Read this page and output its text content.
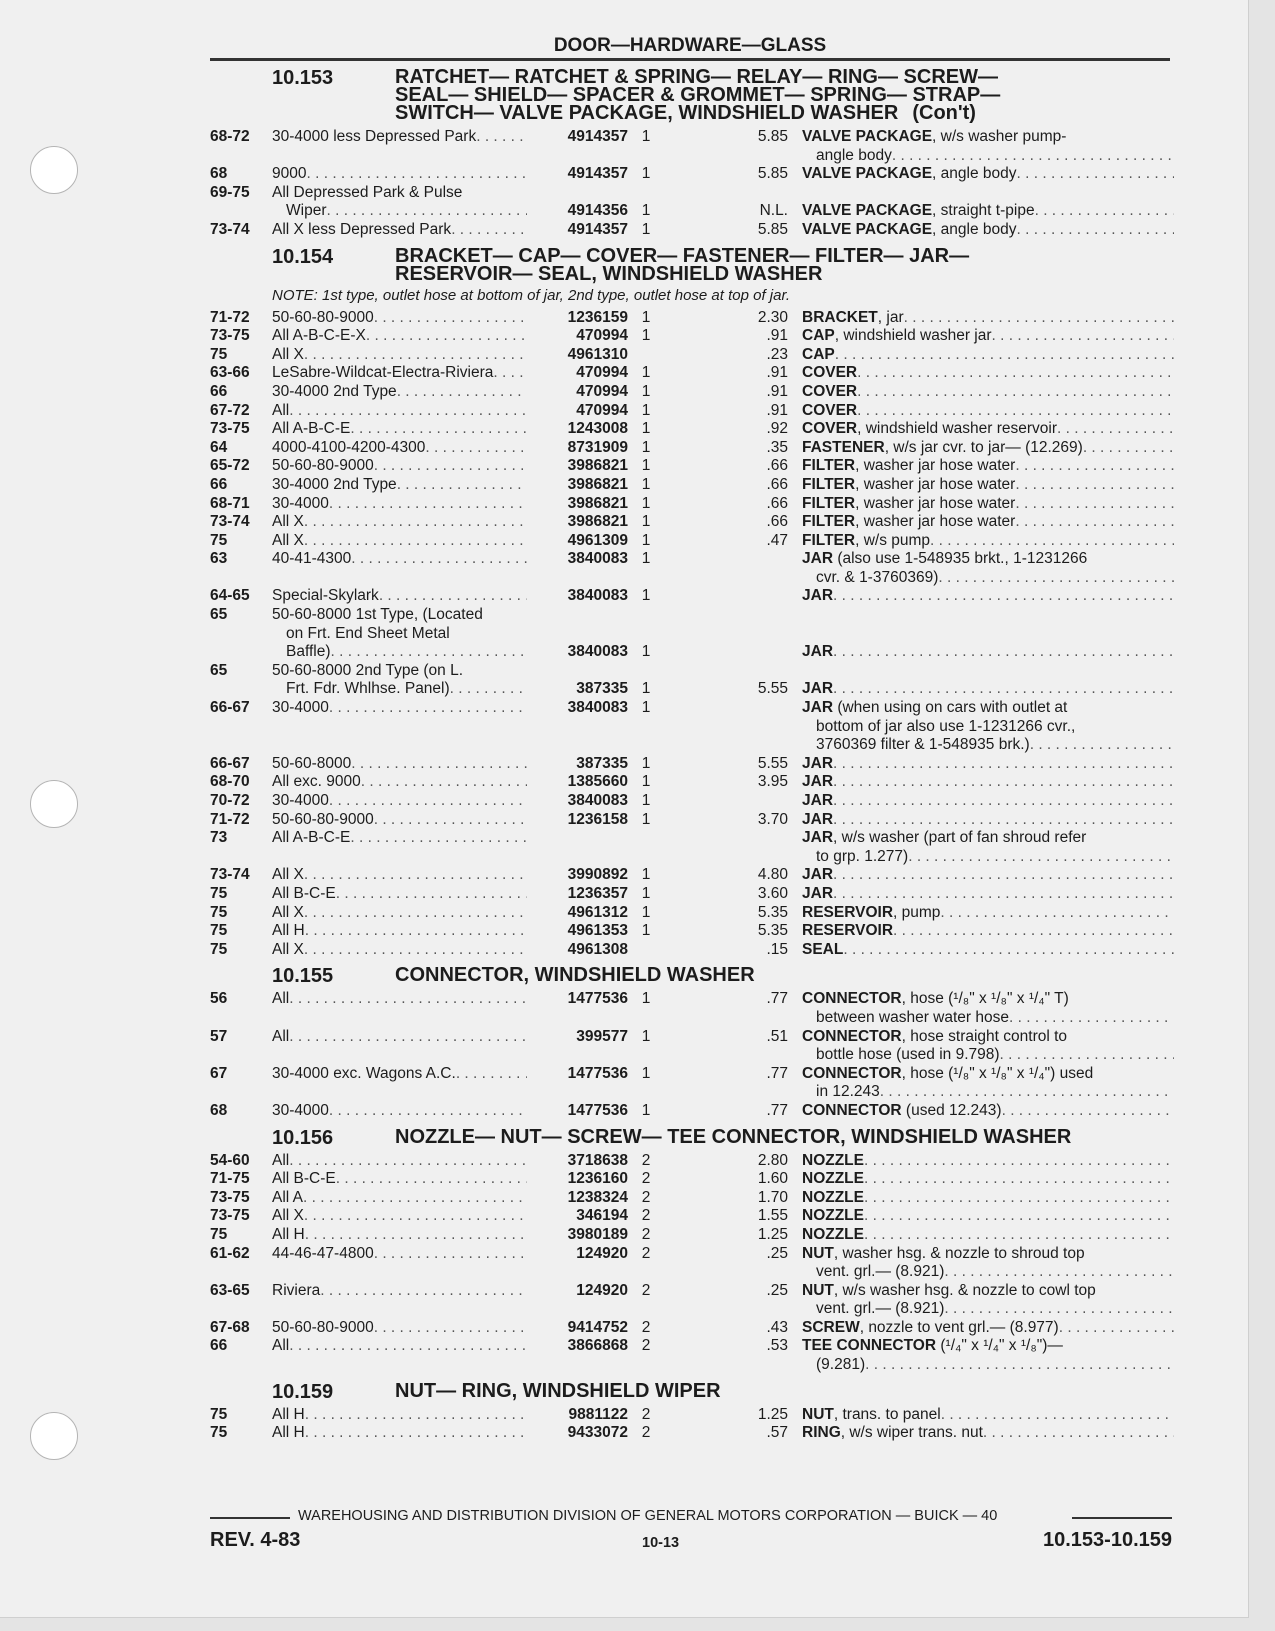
DOOR—HARDWARE—GLASS
10.153	RATCHET— RATCHET & SPRING— RELAY— RING— SCREW—
SEAL— SHIELD— SPACER & GROMMET— SPRING— STRAP—
SWITCH— VALVE PACKAGE, WINDSHIELD WASHER (Con't)
68-72	30-4000 less Depressed Park . . .	4914357 1	5.85 VALVE PACKAGE, w/s washer pump-
angle body
. . .
68	9000 . . .	4914357 1	5.85 VALVE PACKAGE, angle body
. . .
69-75	All Depressed Park & Pulse
Wiper . . .	4914356 1	N.L. VALVE PACKAGE, straight t-pipe
. . .
73-74	All X less Depressed Park . . .	4914357 1	5.85 VALVE PACKAGE, angle body
. . .
10.154	BRACKET— CAP— COVER— FASTENER— FILTER— JAR—
RESERVOIR— SEAL, WINDSHIELD WASHER
NOTE: 1st type, outlet hose at bottom of jar, 2nd type, outlet hose at top of jar.
71-72	50-60-80-9000 . . .	1236159 1	2.30 BRACKET, jar
. . .
73-75	All A-B-C-E-X . . .	470994 1	.91 CAP, windshield washer jar
. . .
75	All X . . .	4961310	.23 CAP
. . .
63-66	LeSabre-Wildcat-Electra-Riviera . . .	470994 1	.91 COVER
. . .
66	30-4000 2nd Type . . .	470994 1	.91 COVER
. . .
67-72	All . . .	470994 1	.91 COVER
. . .
73-75	All A-B-C-E . . .	1243008 1	.92 COVER, windshield washer reservoir
. . .
64	4000-4100-4200-4300 . . .	8731909 1	.35 FASTENER, w/s jar cvr. to jar— (12.269)
. . .
65-72	50-60-80-9000 . . .	3986821 1	.66 FILTER, washer jar hose water
. . .
66	30-4000 2nd Type . . .	3986821 1	.66 FILTER, washer jar hose water
. . .
68-71	30-4000 . . .	3986821 1	.66 FILTER, washer jar hose water
. . .
73-74	All X . . .	3986821 1	.66 FILTER, washer jar hose water
. . .
75	All X . . .	4961309 1	.47 FILTER, w/s pump
. . .
63	40-41-4300 . . .	3840083 1	JAR (also use 1-548935 brkt., 1-1231266
cvr. & 1-3760369)
. . .
64-65	Special-Skylark . . .	3840083 1	JAR
. . .
65	50-60-8000 1st Type, (Located
on Frt. End Sheet Metal
Baffle) . . .	3840083 1	JAR
. . .
65	50-60-8000 2nd Type (on L.
Frt. Fdr. Whlhse. Panel) . . .	387335 1	5.55 JAR
. . .
66-67	30-4000 . . .	3840083 1	JAR (when using on cars with outlet at
bottom of jar also use 1-1231266 cvr.,
3760369 filter & 1-548935 brk.)
. . .
66-67	50-60-8000 . . .	387335 1	5.55 JAR
. . .
68-70	All exc. 9000 . . .	1385660 1	3.95 JAR
. . .
70-72	30-4000 . . .	3840083 1	JAR
. . .
71-72	50-60-80-9000 . . .	1236158 1	3.70 JAR
. . .
73	All A-B-C-E . . .	JAR, w/s washer (part of fan shroud refer
to grp. 1.277)
. . .
73-74	All X . . .	3990892 1	4.80 JAR
. . .
75	All B-C-E . . .	1236357 1	3.60 JAR
. . .
75	All X . . .	4961312 1	5.35 RESERVOIR, pump
. . .
75	All H . . .	4961353 1	5.35 RESERVOIR
. . .
75	All X . . .	4961308	.15 SEAL
. . .
10.155	CONNECTOR, WINDSHIELD WASHER
56	All . . .	1477536 1	.77 CONNECTOR, hose (¹/₈" x ¹/₈" x ¹/₄" T)
between washer water hose
. . .
57	All . . .	399577 1	.51 CONNECTOR, hose straight control to
bottle hose (used in 9.798)
. . .
67	30-4000 exc. Wagons A.C. . . .	1477536 1	.77 CONNECTOR, hose (¹/₈" x ¹/₈" x ¹/₄") used
in 12.243
. . .
68	30-4000 . . .	1477536 1	.77 CONNECTOR (used 12.243)
. . .
10.156	NOZZLE— NUT— SCREW— TEE CONNECTOR, WINDSHIELD WASHER
54-60	All . . .	3718638 2	2.80 NOZZLE
. . .
71-75	All B-C-E . . .	1236160 2	1.60 NOZZLE
. . .
73-75	All A . . .	1238324 2	1.70 NOZZLE
. . .
73-75	All X . . .	346194 2	1.55 NOZZLE
. . .
75	All H . . .	3980189 2	1.25 NOZZLE
. . .
61-62	44-46-47-4800 . . .	124920 2	.25 NUT, washer hsg. & nozzle to shroud top
vent. grl.— (8.921)
. . .
63-65	Riviera . . .	124920 2	.25 NUT, w/s washer hsg. & nozzle to cowl top
vent. grl.— (8.921)
. . .
67-68	50-60-80-9000 . . .	9414752 2	.43 SCREW, nozzle to vent grl.— (8.977)
. . .
66	All . . .	3866868 2	.53 TEE CONNECTOR (¹/₄" x ¹/₄" x ¹/₈")—
(9.281)
. . .
10.159	NUT— RING, WINDSHIELD WIPER
75	All H . . .	9881122 2	1.25 NUT, trans. to panel
. . .
75	All H . . .	9433072 2	.57 RING, w/s wiper trans. nut
. . .
WAREHOUSING AND DISTRIBUTION DIVISION OF GENERAL MOTORS CORPORATION — BUICK — 40
REV. 4-83	10-13	10.153-10.159
